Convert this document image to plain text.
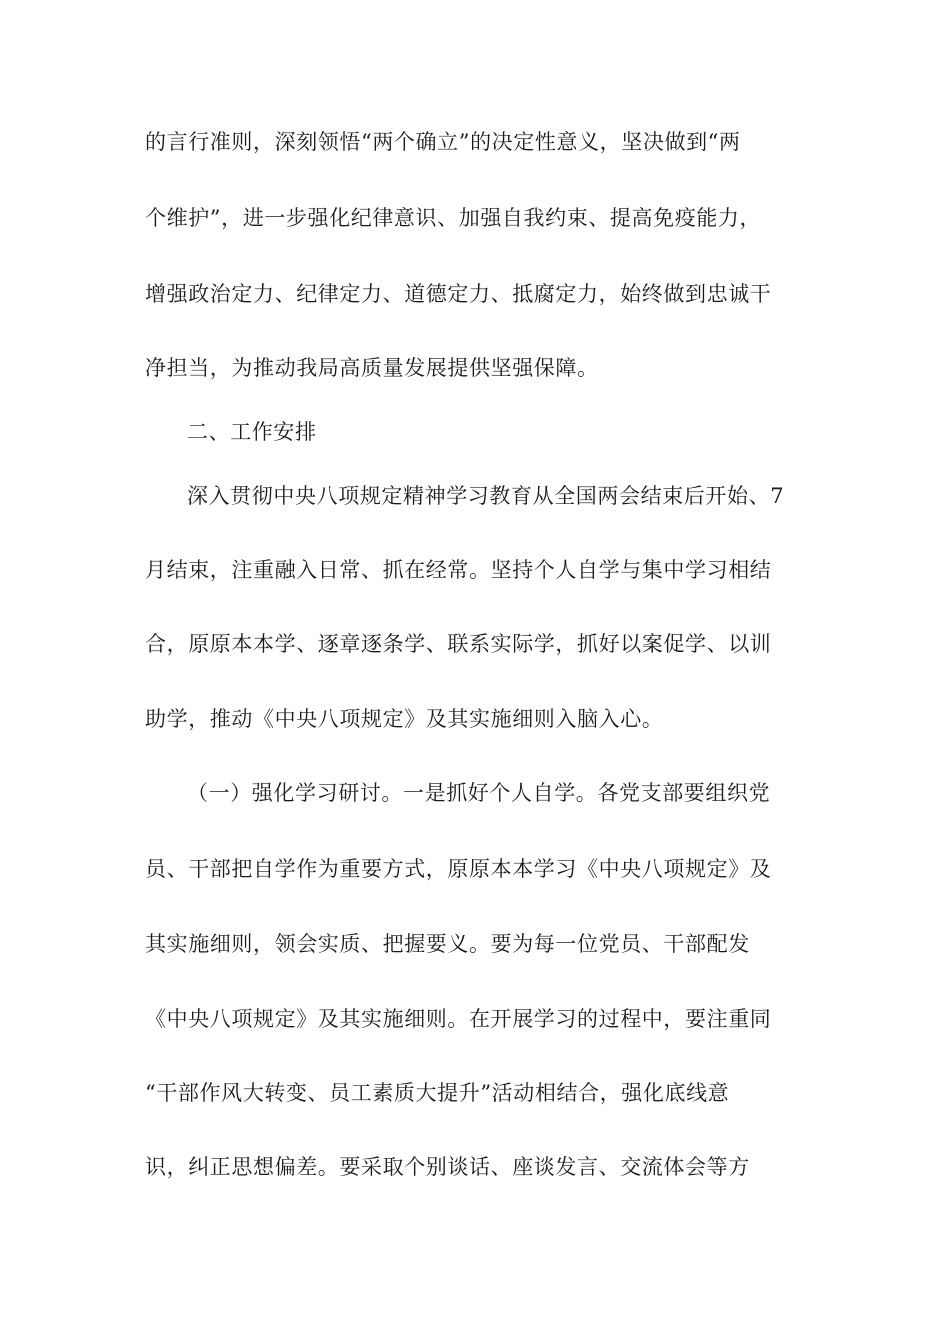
的言行准则，深刻领悟“两个确立”的决定性意义，坚决做到“两
个维护”，进一步强化纪律意识、加强自我约束、提高免疫能力，
增强政治定力、纪律定力、道德定力、抵腐定力，始终做到忠诚干
净担当，为推动我局高质量发展提供坚强保障。
二、工作安排
深入贯彻中央八项规定精神学习教育从全国两会结束后开始、7
月结束，注重融入日常、抓在经常。坚持个人自学与集中学习相结
合，原原本本学、逐章逐条学、联系实际学，抓好以案促学、以训
助学，推动《中央八项规定》及其实施细则入脑入心。
（一）强化学习研讨。一是抓好个人自学。各党支部要组织党
员、干部把自学作为重要方式，原原本本学习《中央八项规定》及
其实施细则，领会实质、把握要义。要为每一位党员、干部配发
《中央八项规定》及其实施细则。在开展学习的过程中，要注重同
“干部作风大转变、员工素质大提升”活动相结合，强化底线意
识，纠正思想偏差。要采取个别谈话、座谈发言、交流体会等方
